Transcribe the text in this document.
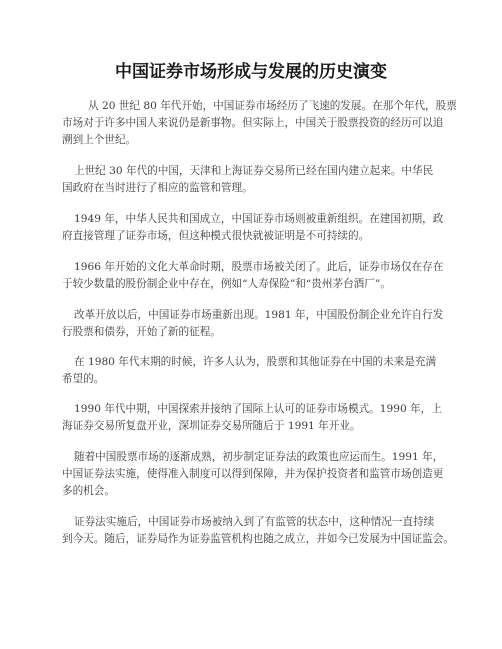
中国证券市场形成与发展的历史演变

从 20 世纪 80 年代开始，中国证券市场经历了飞速的发展。在那个年代，股票
市场对于许多中国人来说仍是新事物。但实际上，中国关于股票投资的经历可以追
溯到上个世纪。

上世纪 30 年代的中国，天津和上海证券交易所已经在国内建立起来。中华民
国政府在当时进行了相应的监管和管理。

1949 年，中华人民共和国成立，中国证券市场则被重新组织。在建国初期，政
府直接管理了证券市场，但这种模式很快就被证明是不可持续的。

1966 年开始的文化大革命时期，股票市场被关闭了。此后，证券市场仅在存在
于较少数量的股份制企业中存在，例如“人寿保险”和“贵州茅台酒厂”。

改革开放以后，中国证券市场重新出现。1981 年，中国股份制企业允许自行发
行股票和债券，开始了新的征程。

在 1980 年代末期的时候，许多人认为，股票和其他证券在中国的未来是充满
希望的。

1990 年代中期，中国探索并接纳了国际上认可的证券市场模式。1990 年，上
海证券交易所复盘开业，深圳证券交易所随后于 1991 年开业。

随着中国股票市场的逐渐成熟，初步制定证券法的政策也应运而生。1991 年，
中国证券法实施，使得准入制度可以得到保障，并为保护投资者和监管市场创造更
多的机会。

证券法实施后，中国证券市场被纳入到了有监管的状态中，这种情况一直持续
到今天。随后，证券局作为证券监管机构也随之成立，并如今已发展为中国证监会。
